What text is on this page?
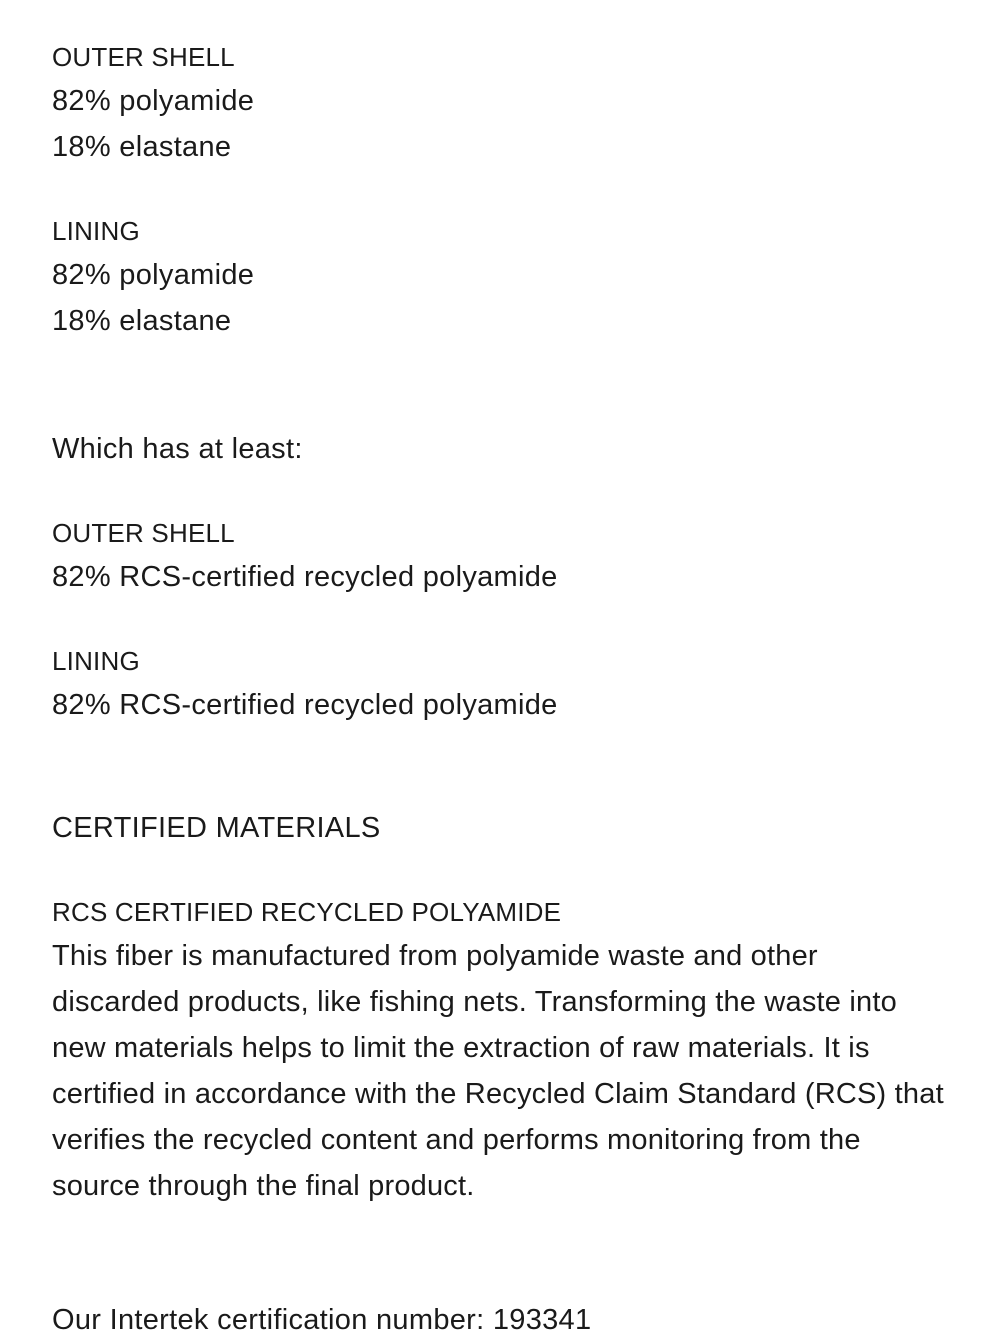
OUTER SHELL
82% polyamide
18% elastane
LINING
82% polyamide
18% elastane
Which has at least:
OUTER SHELL
82% RCS-certified recycled polyamide
LINING
82% RCS-certified recycled polyamide
CERTIFIED MATERIALS
RCS CERTIFIED RECYCLED POLYAMIDE

This fiber is manufactured from polyamide waste and other discarded products, like fishing nets. Transforming the waste into new materials helps to limit the extraction of raw materials. It is certified in accordance with the Recycled Claim Standard (RCS) that verifies the recycled content and performs monitoring from the source through the final product.

Our Intertek certification number: 193341
